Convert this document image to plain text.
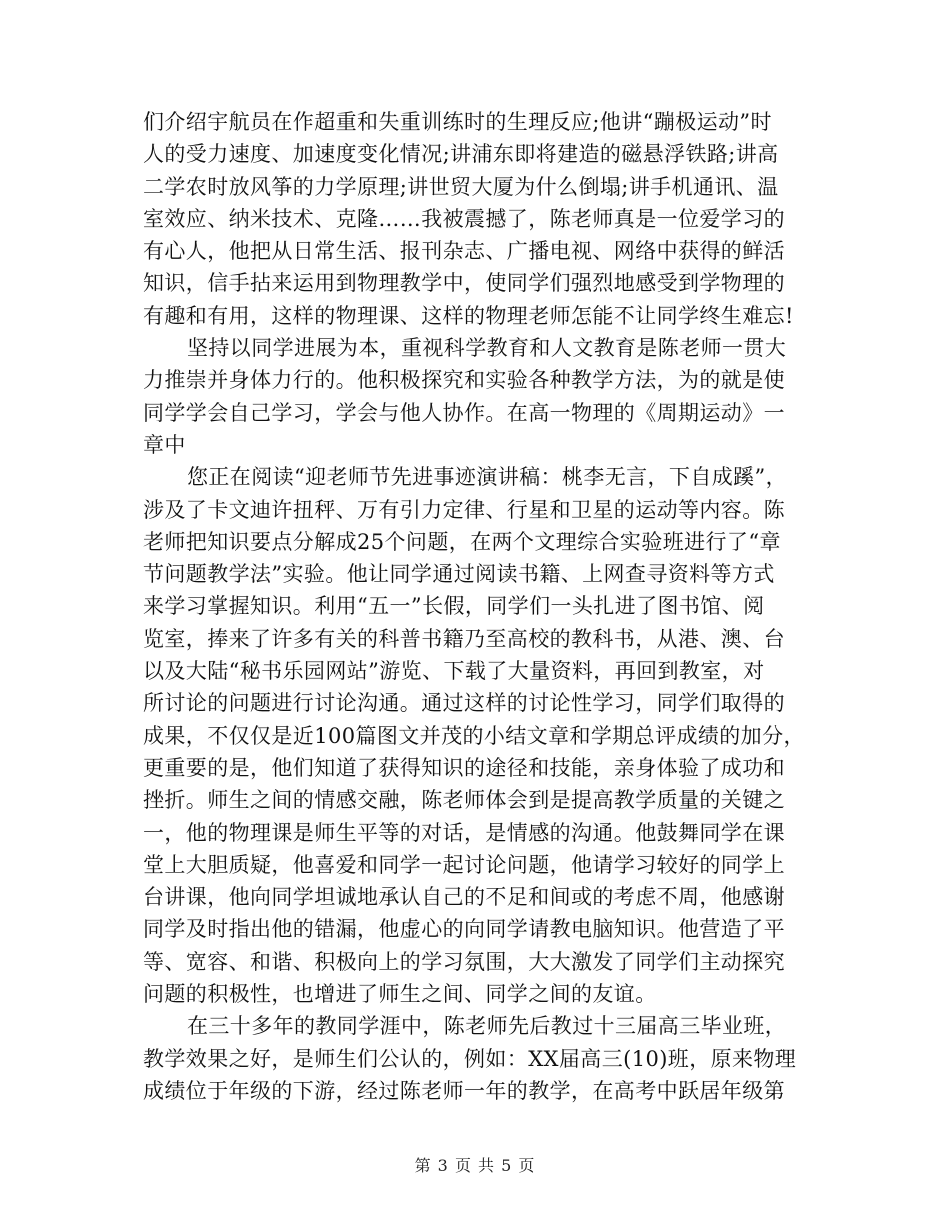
们介绍宇航员在作超重和失重训练时的生理反应;他讲“蹦极运动”时
人的受力速度、加速度变化情况;讲浦东即将建造的磁悬浮铁路;讲高
二学农时放风筝的力学原理;讲世贸大厦为什么倒塌;讲手机通讯、温
室效应、纳米技术、克隆……我被震撼了，陈老师真是一位爱学习的
有心人，他把从日常生活、报刊杂志、广播电视、网络中获得的鲜活
知识，信手拈来运用到物理教学中，使同学们强烈地感受到学物理的
有趣和有用，这样的物理课、这样的物理老师怎能不让同学终生难忘!
坚持以同学进展为本，重视科学教育和人文教育是陈老师一贯大
力推崇并身体力行的。他积极探究和实验各种教学方法，为的就是使
同学学会自己学习，学会与他人协作。在高一物理的《周期运动》一
章中
您正在阅读“迎老师节先进事迹演讲稿：桃李无言，下自成蹊”，
涉及了卡文迪许扭秤、万有引力定律、行星和卫星的运动等内容。陈
老师把知识要点分解成25个问题，在两个文理综合实验班进行了“章
节问题教学法”实验。他让同学通过阅读书籍、上网查寻资料等方式
来学习掌握知识。利用“五一”长假，同学们一头扎进了图书馆、阅
览室，捧来了许多有关的科普书籍乃至高校的教科书，从港、澳、台
以及大陆“秘书乐园网站”游览、下载了大量资料，再回到教室，对
所讨论的问题进行讨论沟通。通过这样的讨论性学习，同学们取得的
成果，不仅仅是近100篇图文并茂的小结文章和学期总评成绩的加分，
更重要的是，他们知道了获得知识的途径和技能，亲身体验了成功和
挫折。师生之间的情感交融，陈老师体会到是提高教学质量的关键之
一，他的物理课是师生平等的对话，是情感的沟通。他鼓舞同学在课
堂上大胆质疑，他喜爱和同学一起讨论问题，他请学习较好的同学上
台讲课，他向同学坦诚地承认自己的不足和间或的考虑不周，他感谢
同学及时指出他的错漏，他虚心的向同学请教电脑知识。他营造了平
等、宽容、和谐、积极向上的学习氛围，大大激发了同学们主动探究
问题的积极性，也增进了师生之间、同学之间的友谊。
在三十多年的教同学涯中，陈老师先后教过十三届高三毕业班，
教学效果之好，是师生们公认的，例如：XX届高三(10)班，原来物理
成绩位于年级的下游，经过陈老师一年的教学，在高考中跃居年级第
第 3 页 共 5 页
